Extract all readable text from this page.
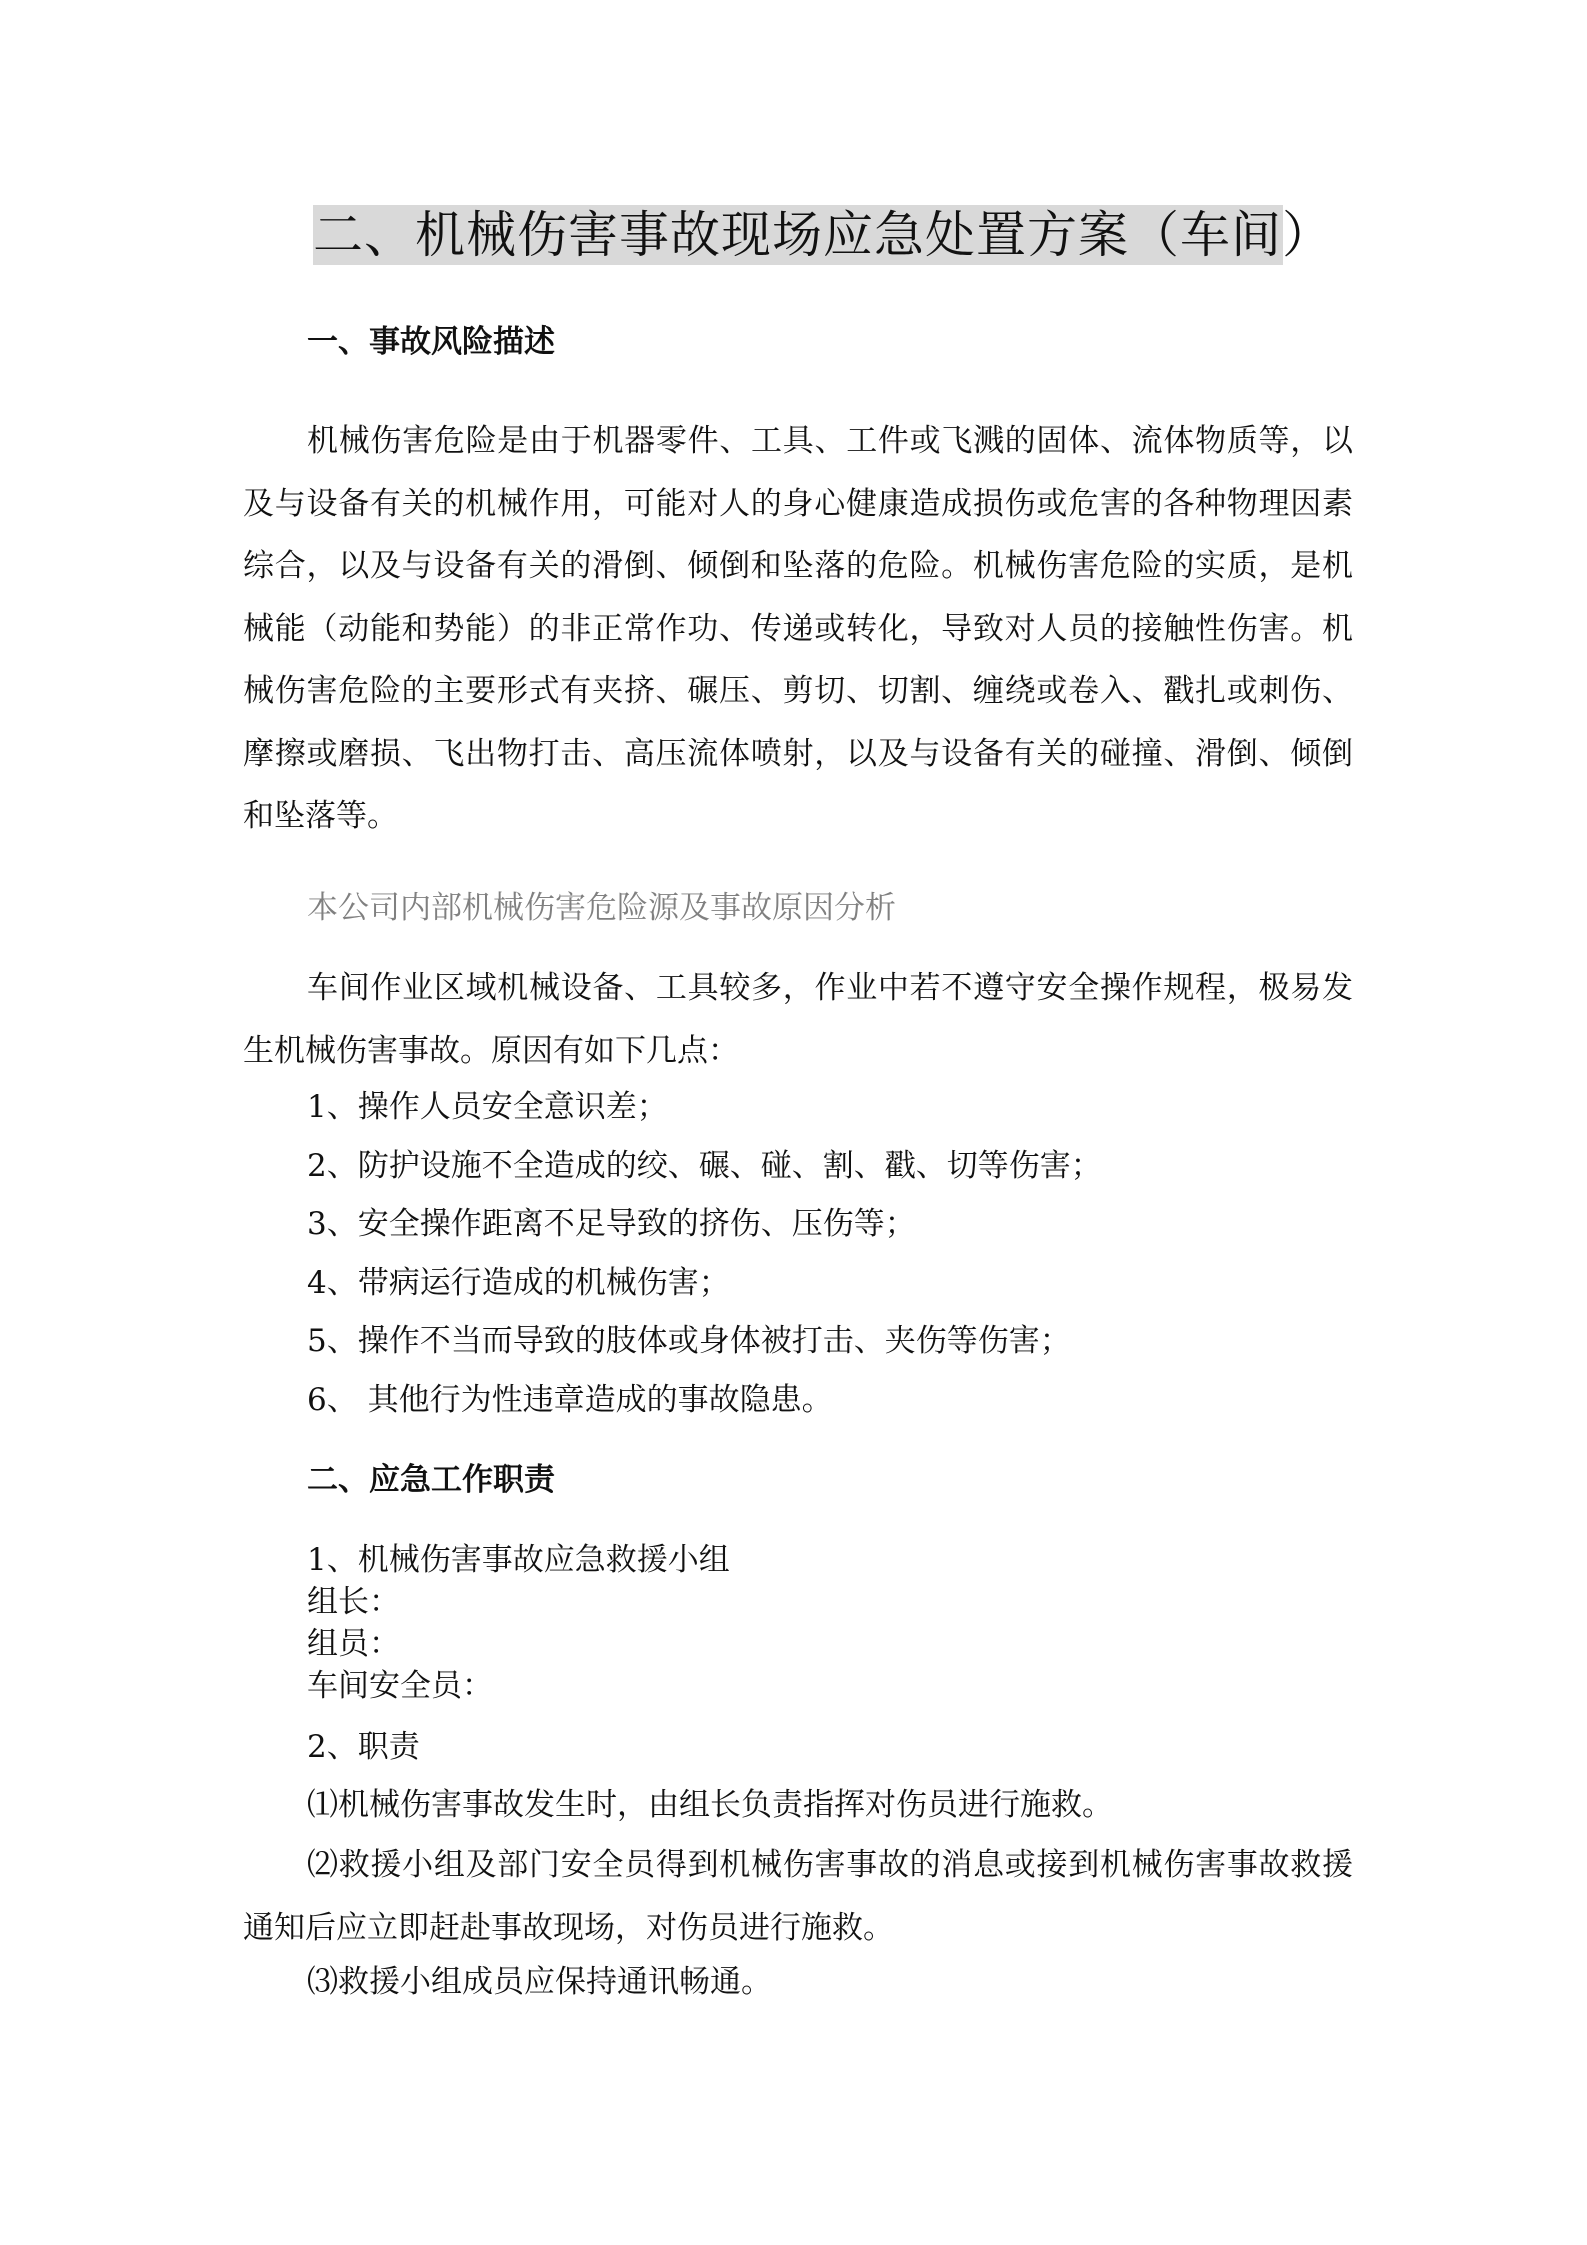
二、机械伤害事故现场应急处置方案（车间）
一、事故风险描述
机械伤害危险是由于机器零件、工具、工件或飞溅的固体、流体物质等，以及与设备有关的机械作用，可能对人的身心健康造成损伤或危害的各种物理因素综合，以及与设备有关的滑倒、倾倒和坠落的危险。机械伤害危险的实质，是机械能（动能和势能）的非正常作功、传递或转化，导致对人员的接触性伤害。机械伤害危险的主要形式有夹挤、碾压、剪切、切割、缠绕或卷入、戳扎或刺伤、摩擦或磨损、飞出物打击、高压流体喷射，以及与设备有关的碰撞、滑倒、倾倒和坠落等。
本公司内部机械伤害危险源及事故原因分析
车间作业区域机械设备、工具较多，作业中若不遵守安全操作规程，极易发生机械伤害事故。原因有如下几点：
1、操作人员安全意识差；
2、防护设施不全造成的绞、碾、碰、割、戳、切等伤害；
3、安全操作距离不足导致的挤伤、压伤等；
4、带病运行造成的机械伤害；
5、操作不当而导致的肢体或身体被打击、夹伤等伤害；
6、 其他行为性违章造成的事故隐患。
二、应急工作职责
1、机械伤害事故应急救援小组
组长：
组员：
车间安全员：
2、职责
⑴机械伤害事故发生时，由组长负责指挥对伤员进行施救。
⑵救援小组及部门安全员得到机械伤害事故的消息或接到机械伤害事故救援通知后应立即赶赴事故现场，对伤员进行施救。
⑶救援小组成员应保持通讯畅通。
